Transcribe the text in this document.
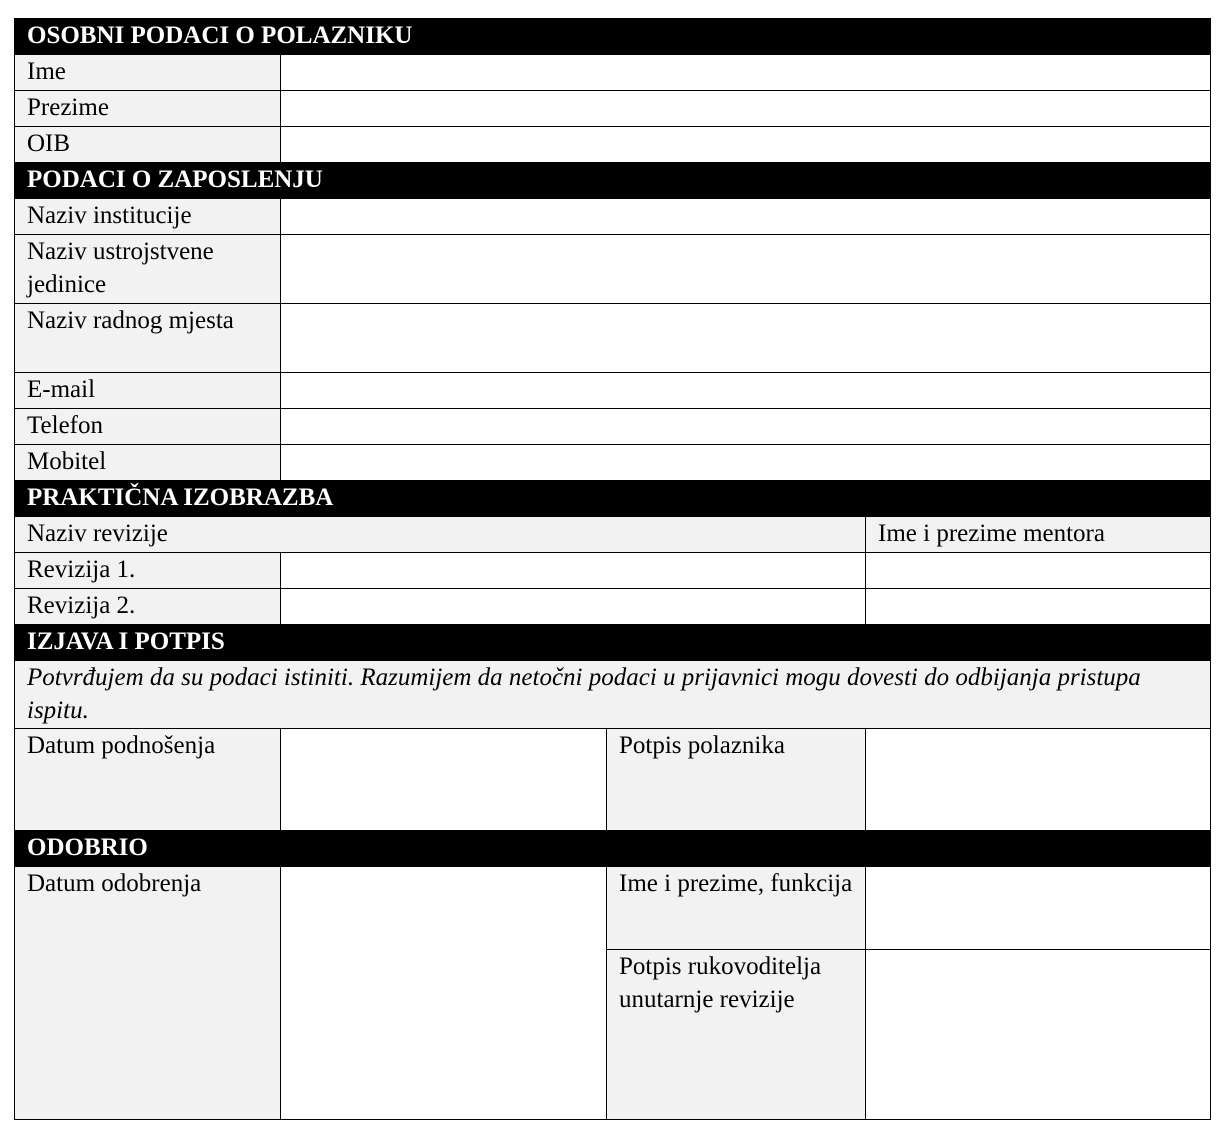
OSOBNI PODACI O POLAZNIKU			
Ime			
Prezime			
OIB			
PODACI O ZAPOSLENJU			
Naziv institucije			
Naziv ustrojstvene jedinice			
Naziv radnog mjesta			
E-mail			
Telefon			
Mobitel			
PRAKTIČNA IZOBRAZBA			
Naziv revizije			Ime i prezime mentora
Revizija 1.			
Revizija 2.			
IZJAVA I POTPIS			
Potvrđujem da su podaci istiniti. Razumijem da netočni podaci u prijavnici mogu dovesti do odbijanja pristupa ispitu.			
Datum podnošenja		Potpis polaznika	
ODOBRIO			
Datum odobrenja		Ime i prezime, funkcija	
		Potpis rukovoditelja unutarnje revizije	
